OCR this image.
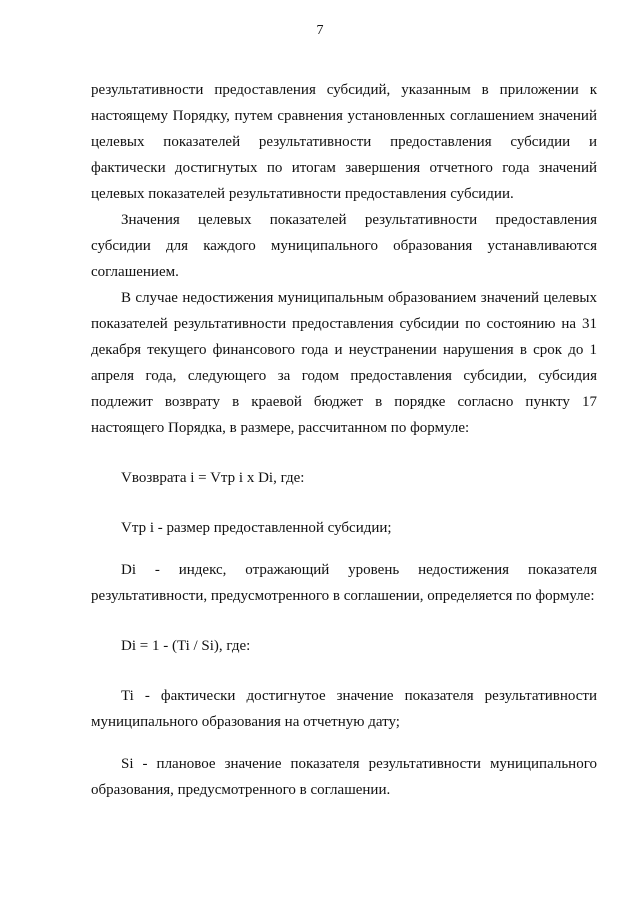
7

результативности предоставления субсидий, указанным в приложении к настоящему Порядку, путем сравнения установленных соглашением значений целевых показателей результативности предоставления субсидии и фактически достигнутых по итогам завершения отчетного года значений целевых показателей результативности предоставления субсидии.

Значения целевых показателей результативности предоставления субсидии для каждого муниципального образования устанавливаются соглашением.

В случае недостижения муниципальным образованием значений целевых показателей результативности предоставления субсидии по состоянию на 31 декабря текущего финансового года и неустранении нарушения в срок до 1 апреля года, следующего за годом предоставления субсидии, субсидия подлежит возврату в краевой бюджет в порядке согласно пункту 17 настоящего Порядка, в размере, рассчитанном по формуле:

Vвозврата i = Vтр i x Di, где:

Vтр i - размер предоставленной субсидии;

Di - индекс, отражающий уровень недостижения показателя результативности, предусмотренного в соглашении, определяется по формуле:

Di = 1 - (Ti / Si), где:

Ti - фактически достигнутое значение показателя результативности муниципального образования на отчетную дату;

Si - плановое значение показателя результативности муниципального образования, предусмотренного в соглашении.
